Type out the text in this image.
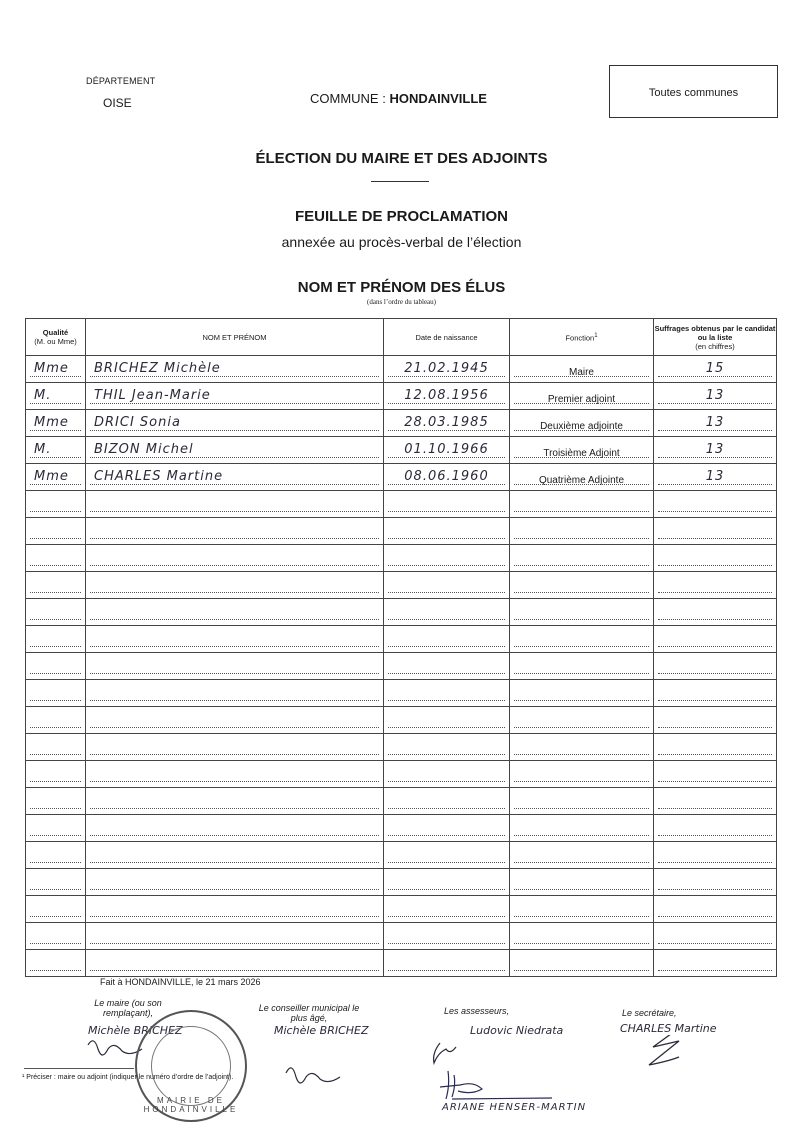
DÉPARTEMENT
OISE	COMMUNE : HONDAINVILLE	Toutes communes
ÉLECTION DU MAIRE ET DES ADJOINTS
FEUILLE DE PROCLAMATION
annexée au procès-verbal de l’élection
NOM ET PRÉNOM DES ÉLUS
(dans l’ordre du tableau)
Qualité
(M. ou Mme)	NOM ET PRÉNOM	Date de naissance	Fonction$^1$	Suffrages obtenus par le candidat ou la liste
(en chiffres)

Mme	BRICHEZ Michèle	21.02.1945	Maire	15

M.	THIL Jean-Marie	12.08.1956	Premier adjoint	13

Mme	DRICI Sonia	28.03.1985	Deuxième adjointe	13

M.	BIZON Michel	01.10.1966	Troisième Adjoint	13

Mme	CHARLES Martine	08.06.1960	Quatrième Adjointe	13

Fait à HONDAINVILLE, le 21 mars 2026
Le maire (ou son remplaçant),
Michèle BRICHEZ
Le conseiller municipal le plus âgé,
Michèle BRICHEZ
Les assesseurs,
Ludovic Niedrata
ARIANE HENSER-MARTIN
Le secrétaire,
CHARLES Martine
MAIRIE DE HONDAINVILLE
¹ Préciser : maire ou adjoint (indiquer le numéro d’ordre de l’adjoint).
